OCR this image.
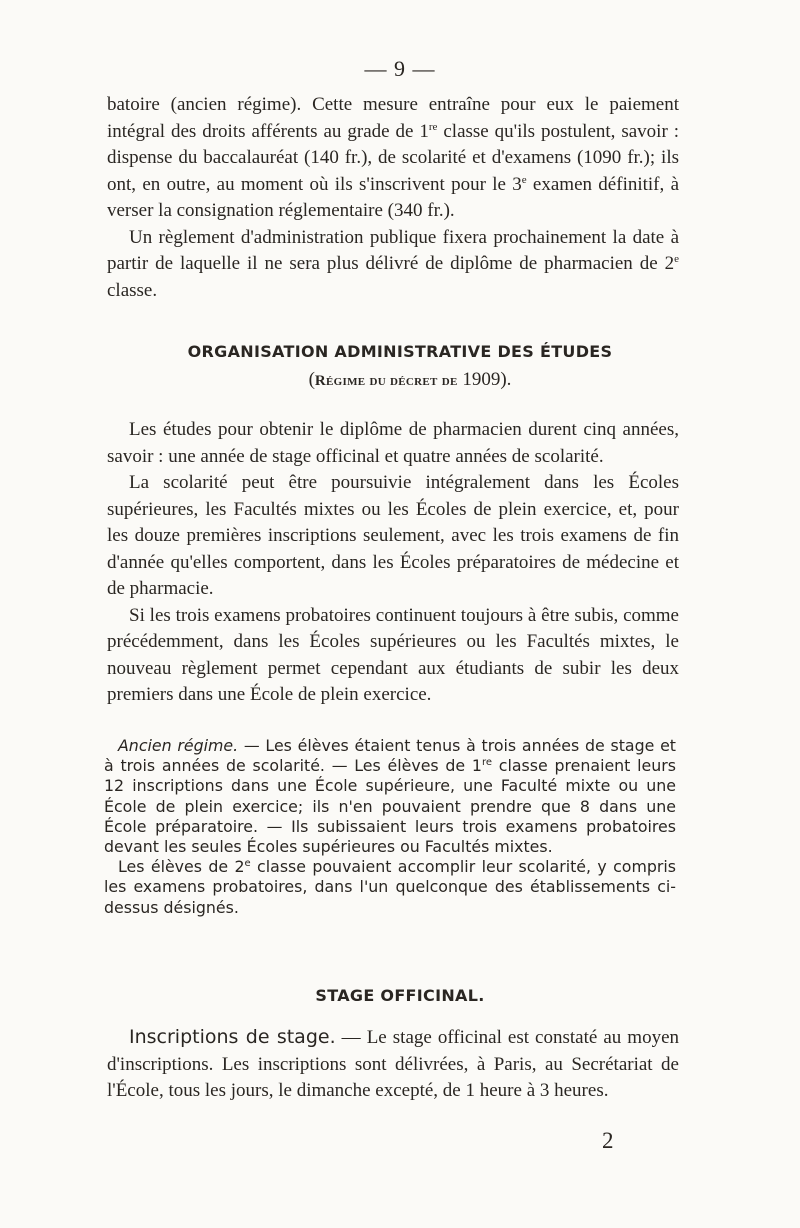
— 9 —

batoire (ancien régime). Cette mesure entraîne pour eux le paiement intégral des droits afférents au grade de 1re classe qu'ils postulent, savoir : dispense du baccalauréat (140 fr.), de scolarité et d'examens (1090 fr.); ils ont, en outre, au moment où ils s'inscrivent pour le 3e examen définitif, à verser la consignation réglementaire (340 fr.).

Un règlement d'administration publique fixera prochainement la date à partir de laquelle il ne sera plus délivré de diplôme de pharmacien de 2e classe.

ORGANISATION ADMINISTRATIVE DES ÉTUDES
(Régime du décret de 1909).

Les études pour obtenir le diplôme de pharmacien durent cinq années, savoir : une année de stage officinal et quatre années de scolarité.

La scolarité peut être poursuivie intégralement dans les Écoles supérieures, les Facultés mixtes ou les Écoles de plein exercice, et, pour les douze premières inscriptions seulement, avec les trois examens de fin d'année qu'elles comportent, dans les Écoles préparatoires de médecine et de pharmacie.

Si les trois examens probatoires continuent toujours à être subis, comme précédemment, dans les Écoles supérieures ou les Facultés mixtes, le nouveau règlement permet cependant aux étudiants de subir les deux premiers dans une École de plein exercice.

Ancien régime. — Les élèves étaient tenus à trois années de stage et à trois années de scolarité. — Les élèves de 1re classe prenaient leurs 12 inscriptions dans une École supérieure, une Faculté mixte ou une École de plein exercice; ils n'en pouvaient prendre que 8 dans une École préparatoire. — Ils subissaient leurs trois examens probatoires devant les seules Écoles supérieures ou Facultés mixtes.

Les élèves de 2e classe pouvaient accomplir leur scolarité, y compris les examens probatoires, dans l'un quelconque des établissements ci-dessus désignés.

STAGE OFFICINAL.

Inscriptions de stage. — Le stage officinal est constaté au moyen d'inscriptions. Les inscriptions sont délivrées, à Paris, au Secrétariat de l'École, tous les jours, le dimanche excepté, de 1 heure à 3 heures.

2
